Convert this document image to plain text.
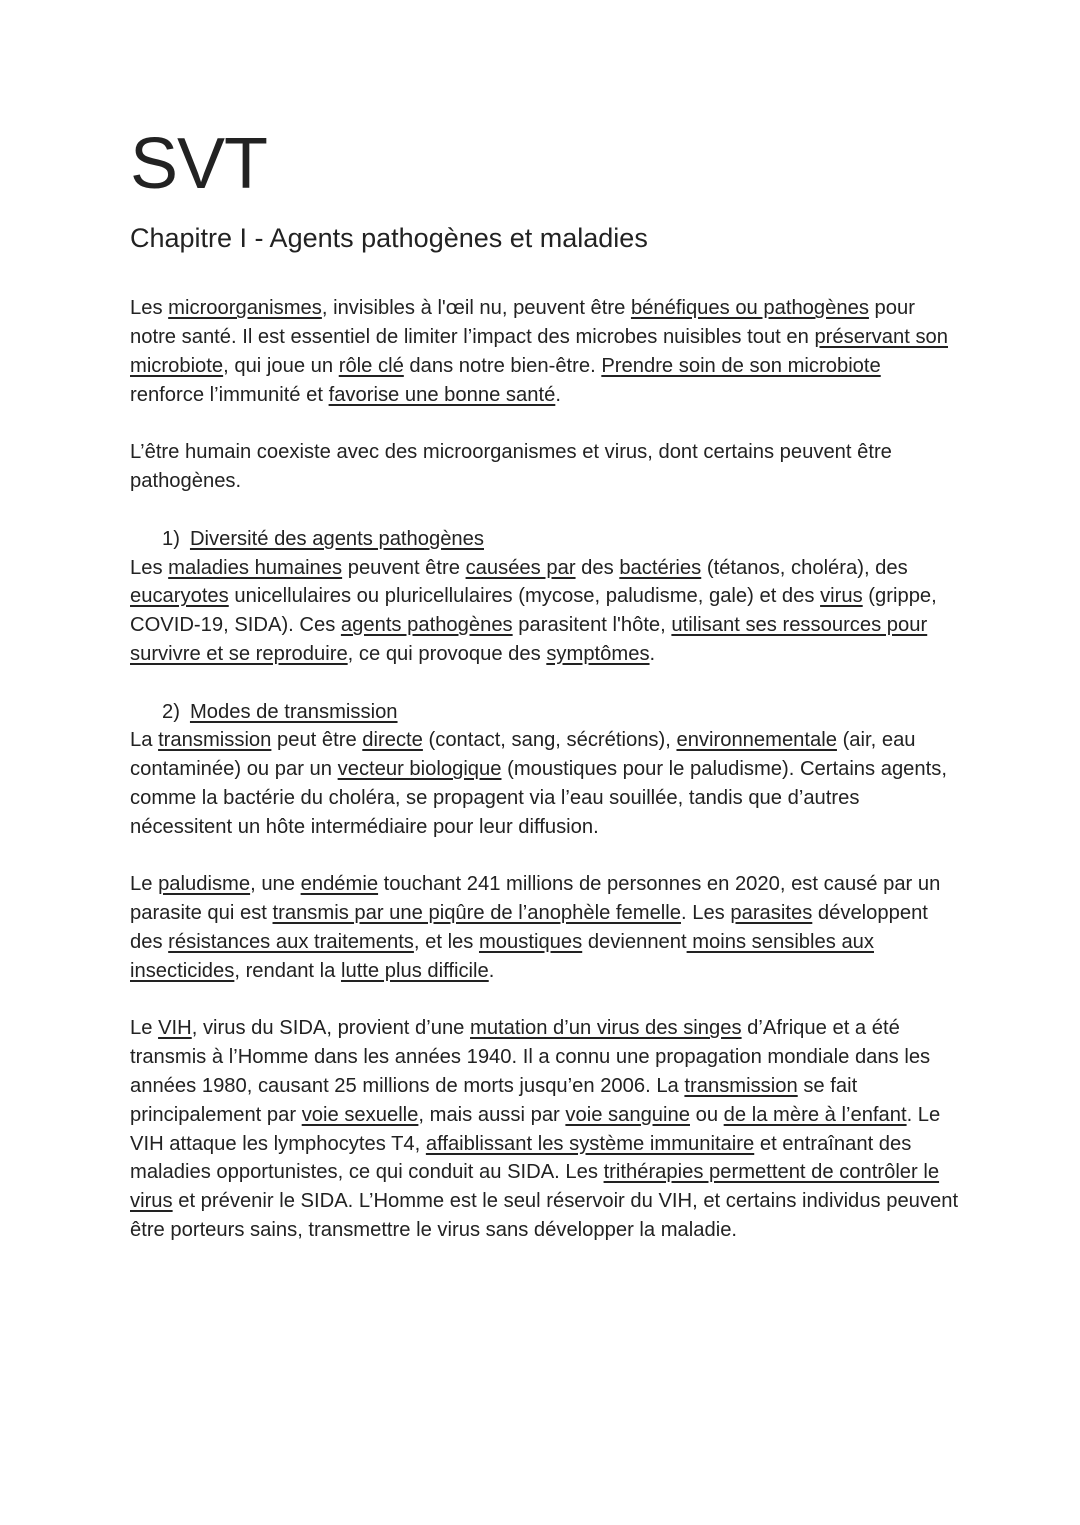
SVT
Chapitre I - Agents pathogènes et maladies

Les microorganismes, invisibles à l'œil nu, peuvent être bénéfiques ou pathogènes pour notre santé. Il est essentiel de limiter l’impact des microbes nuisibles tout en préservant son microbiote, qui joue un rôle clé dans notre bien-être. Prendre soin de son microbiote renforce l’immunité et favorise une bonne santé.

L’être humain coexiste avec des microorganismes et virus, dont certains peuvent être pathogènes.

1) Diversité des agents pathogènes

Les maladies humaines peuvent être causées par des bactéries (tétanos, choléra), des eucaryotes unicellulaires ou pluricellulaires (mycose, paludisme, gale) et des virus (grippe, COVID-19, SIDA). Ces agents pathogènes parasitent l'hôte, utilisant ses ressources pour survivre et se reproduire, ce qui provoque des symptômes.

2) Modes de transmission

La transmission peut être directe (contact, sang, sécrétions), environnementale (air, eau contaminée) ou par un vecteur biologique (moustiques pour le paludisme). Certains agents, comme la bactérie du choléra, se propagent via l’eau souillée, tandis que d’autres nécessitent un hôte intermédiaire pour leur diffusion.

Le paludisme, une endémie touchant 241 millions de personnes en 2020, est causé par un parasite qui est transmis par une piqûre de l’anophèle femelle. Les parasites développent des résistances aux traitements, et les moustiques deviennent moins sensibles aux insecticides, rendant la lutte plus difficile.

Le VIH, virus du SIDA, provient d’une mutation d’un virus des singes d’Afrique et a été transmis à l’Homme dans les années 1940. Il a connu une propagation mondiale dans les années 1980, causant 25 millions de morts jusqu’en 2006. La transmission se fait principalement par voie sexuelle, mais aussi par voie sanguine ou de la mère à l’enfant. Le VIH attaque les lymphocytes T4, affaiblissant les système immunitaire et entraînant des maladies opportunistes, ce qui conduit au SIDA. Les trithérapies permettent de contrôler le virus et prévenir le SIDA. L’Homme est le seul réservoir du VIH, et certains individus peuvent être porteurs sains, transmettre le virus sans développer la maladie.
